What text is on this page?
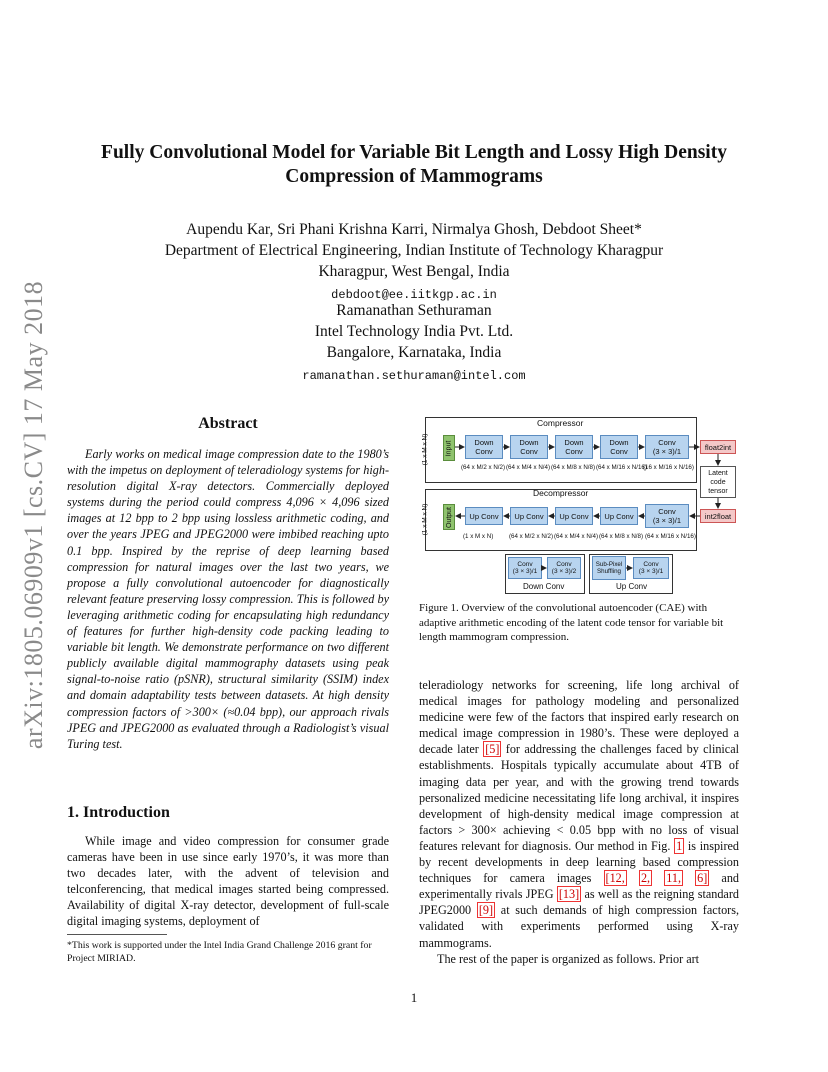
arXiv:1805.06909v1 [cs.CV] 17 May 2018
Fully Convolutional Model for Variable Bit Length and Lossy High Density
Compression of Mammograms
Aupendu Kar, Sri Phani Krishna Karri, Nirmalya Ghosh, Debdoot Sheet*
Department of Electrical Engineering, Indian Institute of Technology Kharagpur
Kharagpur, West Bengal, India
debdoot@ee.iitkgp.ac.in
Ramanathan Sethuraman
Intel Technology India Pvt. Ltd.
Bangalore, Karnataka, India
ramanathan.sethuraman@intel.com
Abstract

Early works on medical image compression date to the 1980’s with the impetus on deployment of teleradiology systems for high-resolution digital X-ray detectors. Commercially deployed systems during the period could compress 4,096 × 4,096 sized images at 12 bpp to 2 bpp using lossless arithmetic coding, and over the years JPEG and JPEG2000 were imbibed reaching upto 0.1 bpp. Inspired by the reprise of deep learning based compression for natural images over the last two years, we propose a fully convolutional autoencoder for diagnostically relevant feature preserving lossy compression. This is followed by leveraging arithmetic coding for encapsulating high redundancy of features for further high-density code packing leading to variable bit length. We demonstrate performance on two different publicly available digital mammography datasets using peak signal-to-noise ratio (pSNR), structural similarity (SSIM) index and domain adaptability tests between datasets. At high density compression factors of >300× (≈0.04 bpp), our approach rivals JPEG and JPEG2000 as evaluated through a Radiologist’s visual Turing test.

1. Introduction

While image and video compression for consumer grade cameras have been in use since early 1970’s, it was more than two decades later, with the advent of television and telconferencing, that medical images started being compressed. Availability of digital X-ray detector, development of full-scale digital imaging systems, deployment of

*This work is supported under the Intel India Grand Challenge 2016 grant for Project MIRIAD.
Compressor
(1 x M x N) Input	Down Conv
Down Conv
Down Conv
Down Conv
Conv
(3 × 3)/1
(64 x M/2 x N/2) (64 x M/4 x N/4) (64 x M/8 x N/8) (64 x M/16 x N/16)
(16 x M/16 x N/16)
float2int
Latent code tensor
int2float
Decompressor
(1 x M x N) Output	Up Conv	Up Conv	Up Conv	Up Conv	Conv
(3 × 3)/1
(1 x M x N)	(64 x M/2 x N/2) (64 x M/4 x N/4) (64 x M/8 x N/8) (64 x M/16 x N/16)
Conv
(3 × 3)/1
Conv
(3 × 3)/2
Down Conv
Sub-Pixel Shuffling
Conv
(3 × 3)/1
Up Conv
Figure 1. Overview of the convolutional autoencoder (CAE) with adaptive arithmetic encoding of the latent code tensor for variable bit length mammogram compression.

teleradiology networks for screening, life long archival of medical images for pathology modeling and personalized medicine were few of the factors that inspired early research on medical image compression in 1980’s. These were deployed a decade later [5] for addressing the challenges faced by clinical establishments. Hospitals typically accumulate about 4TB of imaging data per year, and with the growing trend towards personalized medicine necessitating life long archival, it inspires development of high-density medical image compression at factors > 300× achieving < 0.05 bpp with no loss of visual features relevant for diagnosis. Our method in Fig. 1 is inspired by recent developments in deep learning based compression techniques for camera images [12, 2, 11, 6] and experimentally rivals JPEG [13] as well as the reigning standard JPEG2000 [9] at such demands of high compression factors, validated with experiments performed using X-ray mammograms.

The rest of the paper is organized as follows. Prior art

1
